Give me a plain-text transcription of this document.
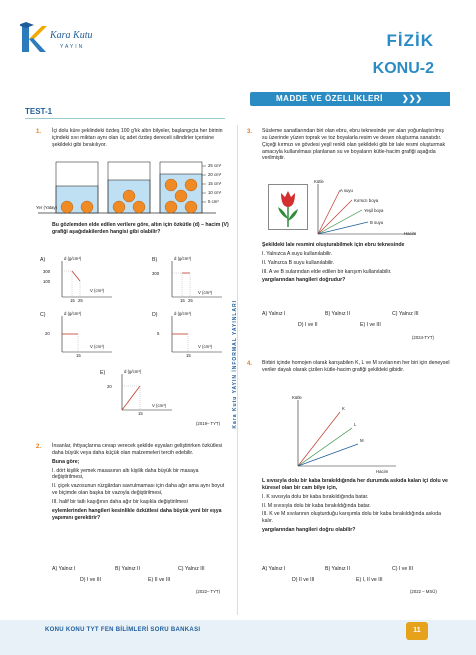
Kara Kutu
YAYIN	FİZİK
KONU-2
MADDE VE ÖZELLİKLERİ ❯❯❯
TEST-1
Kara Kutu YAYIN İNFORMAL YAYINLARI
1. İçi dolu küre şeklindeki özdeş 100 g'lık altın bilyeler, başlangıçta her birinin içindeki sıvı miktarı aynı olan üç adet özdeş dereceli silindirler içerisine şekildeki gibi bırakılıyor.

25 cm³
20 cm³
15 cm³
10 cm³
5 cm³
Yer (Yatay)
Bu gözlemden elde edilen verilere göre, altın için özkütle (d) – hacim (V) grafiği aşağıdakilerden hangisi gibi olabilir?
A)	d (g/cm³)
300
100
15 25
V (cm³)
B)	d (g/cm³)
300
15 25
V (cm³)
C)	d (g/cm³)
20
15
V (cm³)
D)	d (g/cm³)
5
15
V (cm³)
E)	d (g/cm³)
20
15
V (cm³)
(2019– TYT)
2. İnsanlar, ihtiyaçlarına cevap verecek şekilde eşyaları geliştirirken özkütlesi daha büyük veya daha küçük olan malzemeleri tercih edebilir.

Buna göre;

I. dört kişilik yemek masasının altı kişilik daha büyük bir masaya değiştirilmesi,

II. çiçek vazosunun rüzgârdan savrulmaması için daha ağır ama aynı boyut ve biçimde olan başka bir vazoyla değiştirilmesi,

III. halif bir tatlı kaşığının daha ağır bir kaşıkla değiştirilmesi

eylemlerinden hangileri kesinlikle özkütlesi daha büyük yeni bir eşya yapımını gerektirir?

A) Yalnız I	B) Yalnız II	C) Yalnız III
D) I ve III	E) II ve III
(2022– TYT)
3. Süsleme sanatlarından biri olan ebru, ebru teknesinde yer alan yoğunlaştırılmış su üzerinde yüzen toprak ve toz boyalarla resim ve desen oluşturma sanatıdır. Çiçeği kırmızı ve gövdesi yeşil renkli olan şekildeki gibi bir lale resmi oluşturmak amacıyla kullanılması planlanan su ve boyaların kütle-hacim grafiği aşağıda verilmiştir.

Kütle
A suyu
Kırmızı boya
Yeşil boya
B suyu
Hacim

Şekildeki lale resmini oluşturabilmek için ebru teknesinde

I. Yalnızca A suyu kullanılabilir.

II. Yalnızca B suyu kullanılabilir.

III. A ve B sularından elde edilen bir karışım kullanılabilir.

yargılarından hangileri doğrudur?

A) Yalnız I	B) Yalnız II	C) Yalnız III
D) I ve II	E) I ve III
(2024-TYT)
4. Birbiri içinde homojen olarak karışabilen K, L ve M sıvılarının her biri için deneysel veriler dayalı olarak çizilen kütle-hacim grafiği şekildeki gibidir.

Kütle
K
L
M
Hacim

L sıvısıyla dolu bir kaba bırakıldığında her durumda askıda kalan içi dolu ve küresel olan bir cam bilye için,

I. K sıvısıyla dolu bir kaba bırakıldığında batar.

II. M sıvısıyla dolu bir kaba bırakıldığında batar.

III. K ve M sıvılarının oluşturduğu karışımla dolu bir kaba bırakıldığında askıda kalır.

yargılarından hangileri doğru olabilir?

A) Yalnız I	B) Yalnız II	C) I ve III
D) II ve III	E) I, II ve III
(2022 – MSÜ)
KONU KONU TYT FEN BİLİMLERİ SORU BANKASI	11
